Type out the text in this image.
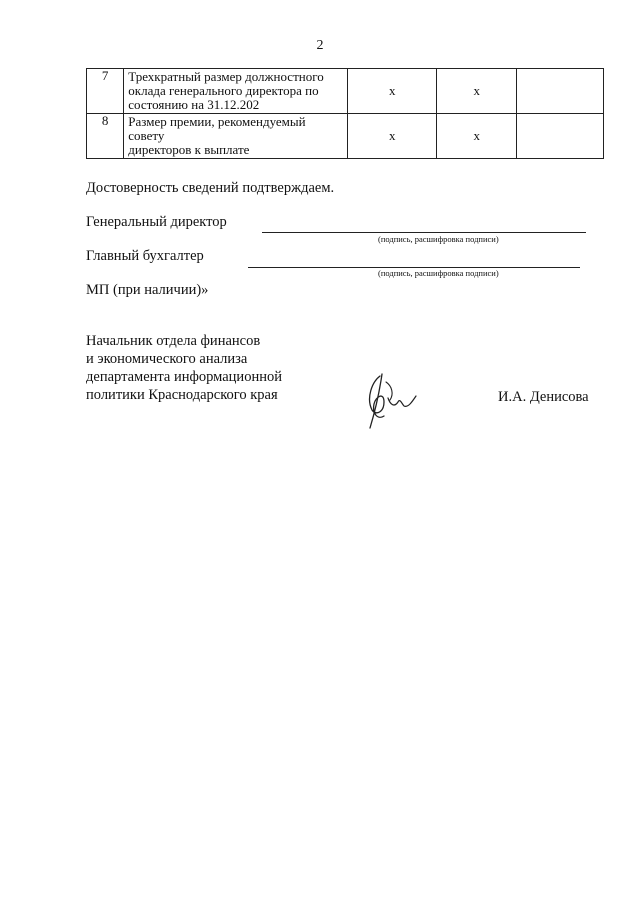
2
7	Трехкратный размер должностного
оклада генерального директора по
состоянию на 31.12.202	х	х	
8	Размер премии, рекомендуемый совету
директоров к выплате	х	х	
Достоверность сведений подтверждаем.
Генеральный директор
(подпись, расшифровка подписи)
Главный бухгалтер
(подпись, расшифровка подписи)
МП (при наличии)»
Начальник отдела финансов
и экономического анализа
департамента информационной
политики Краснодарского края	И.А. Денисова
